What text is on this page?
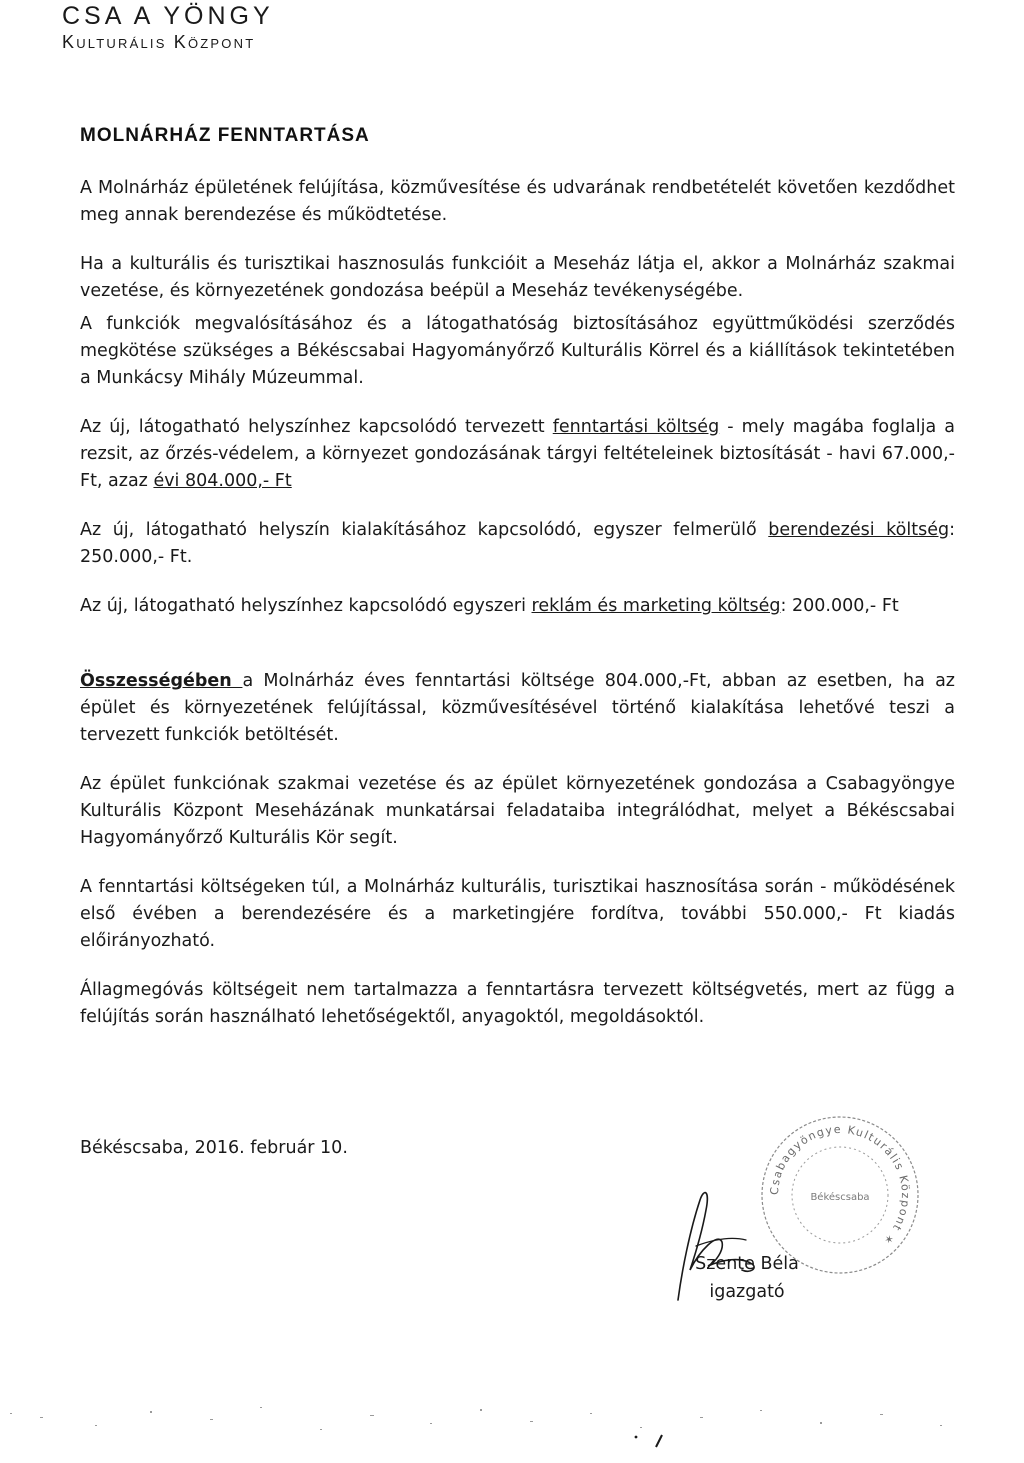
CSA A YÖNGY
Kulturális Központ
MOLNÁRHÁZ FENNTARTÁSA

A Molnárház épületének felújítása, közművesítése és udvarának rendbetételét követően kezdődhet meg annak berendezése és működtetése.

Ha a kulturális és turisztikai hasznosulás funkcióit a Meseház látja el, akkor a Molnárház szakmai vezetése, és környezetének gondozása beépül a Meseház tevékenységébe.

A funkciók megvalósításához és a látogathatóság biztosításához együttműködési szerződés megkötése szükséges a Békéscsabai Hagyományőrző Kulturális Körrel és a kiállítások tekintetében a Munkácsy Mihály Múzeummal.

Az új, látogatható helyszínhez kapcsolódó tervezett fenntartási költség - mely magába foglalja a rezsit, az őrzés-védelem, a környezet gondozásának tárgyi feltételeinek biztosítását - havi 67.000,- Ft, azaz évi 804.000,- Ft

Az új, látogatható helyszín kialakításához kapcsolódó, egyszer felmerülő berendezési költség: 250.000,- Ft.

Az új, látogatható helyszínhez kapcsolódó egyszeri reklám és marketing költség: 200.000,- Ft

Összességében a Molnárház éves fenntartási költsége 804.000,-Ft, abban az esetben, ha az épület és környezetének felújítással, közművesítésével történő kialakítása lehetővé teszi a tervezett funkciók betöltését.

Az épület funkciónak szakmai vezetése és az épület környezetének gondozása a Csabagyöngye Kulturális Központ Meseházának munkatársai feladataiba integrálódhat, melyet a Békéscsabai Hagyományőrző Kulturális Kör segít.

A fenntartási költségeken túl, a Molnárház kulturális, turisztikai hasznosítása során - működésének első évében a berendezésére és a marketingjére fordítva, további 550.000,- Ft kiadás előirányozható.

Állagmegóvás költségeit nem tartalmazza a fenntartásra tervezett költségvetés, mert az függ a felújítás során használható lehetőségektől, anyagoktól, megoldásoktól.

Békéscsaba, 2016. február 10.
Csabagyöngye Kulturális Központ ✶
Békéscsaba
Szente Béla
igazgató
